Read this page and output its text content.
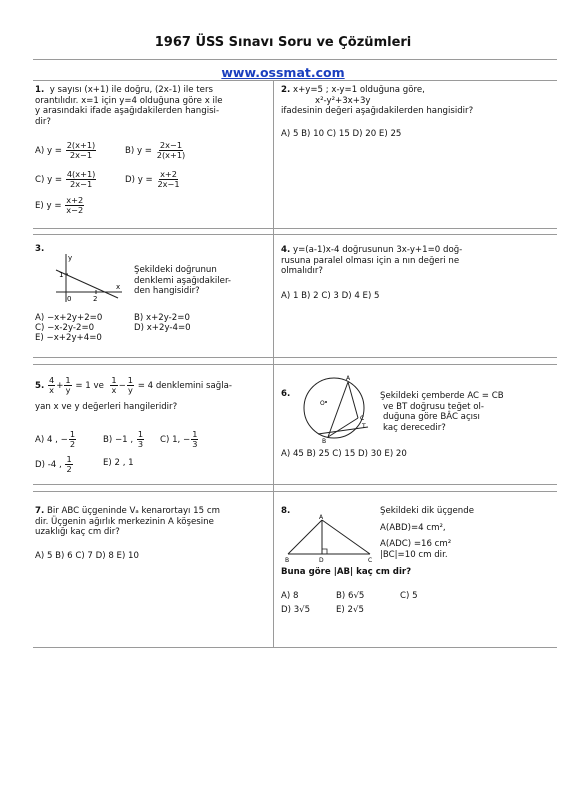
1967 ÜSS Sınavı Soru ve Çözümleri
www.ossmat.com
1. y sayısı (x+1) ile doğru, (2x-1) ile ters
orantılıdır. x=1 için y=4 olduğuna göre x ile
y arasındaki ifade aşağıdakilerden hangisi-
dir?
A) $y = \frac{2(x+1)}{2x-1}$	B) $y = \frac{2x-1}{2(x+1)}$
C) $y = \frac{4(x+1)}{2x-1}$	D) $y = \frac{x+2}{2x-1}$
E) $y = \frac{x+2}{x-2}$
2. x+y=5 ; x-y=1 olduğuna göre,
x²-y²+3x+3y
ifadesinin değeri aşağıdakilerden hangisidir?
A) 5 B) 10 C) 15 D) 20 E) 25
3.
y
x
1
2
0
Şekildeki doğrunun
denklemi aşağıdakiler-
den hangisidir?
A) −x+2y+2=0	B) x+2y-2=0
C) −x-2y-2=0	D) x+2y-4=0
E) −x+2y+4=0
4. y=(a-1)x-4 doğrusunun 3x-y+1=0 doğ-
rusuna paralel olması için a nın değeri ne
olmalıdır?
A) 1 B) 2 C) 3 D) 4 E) 5
5. $\frac{4}{x} + \frac{1}{y} = 1$ ve $\frac{1}{x} - \frac{1}{y} = 4$ denklemini sağla-
yan x ve y değerleri hangileridir?
A) 4 , − $\frac{1}{2}$	B) −1 , $\frac{1}{3} C$) 1, − $\frac{1}{3}$
D) -4 , $\frac{1}{2}$	E) 2 , 1
6.
A
O
C
B
T
Şekildeki çemberde AC = CB
ve BT doğrusu teğet ol-
duğuna göre BÂC açısı
kaç derecedir?
A) 45 B) 25 C) 15 D) 30 E) 20
7. Bir ABC üçgeninde Vₐ kenarortayı 15 cm
dir. Üçgenin ağırlık merkezinin A köşesine
uzaklığı kaç cm dir?
A) 5 B) 6 C) 7 D) 8 E) 10
8.
A
B	D	C
Şekildeki dik üçgende
A(ABD)=4 cm²,
A(ADC) =16 cm²
|BC|=10 cm dir.
Buna göre |AB| kaç cm dir?
A) 8	B) 6√5	C) 5
D) 3√5	E) 2√5
